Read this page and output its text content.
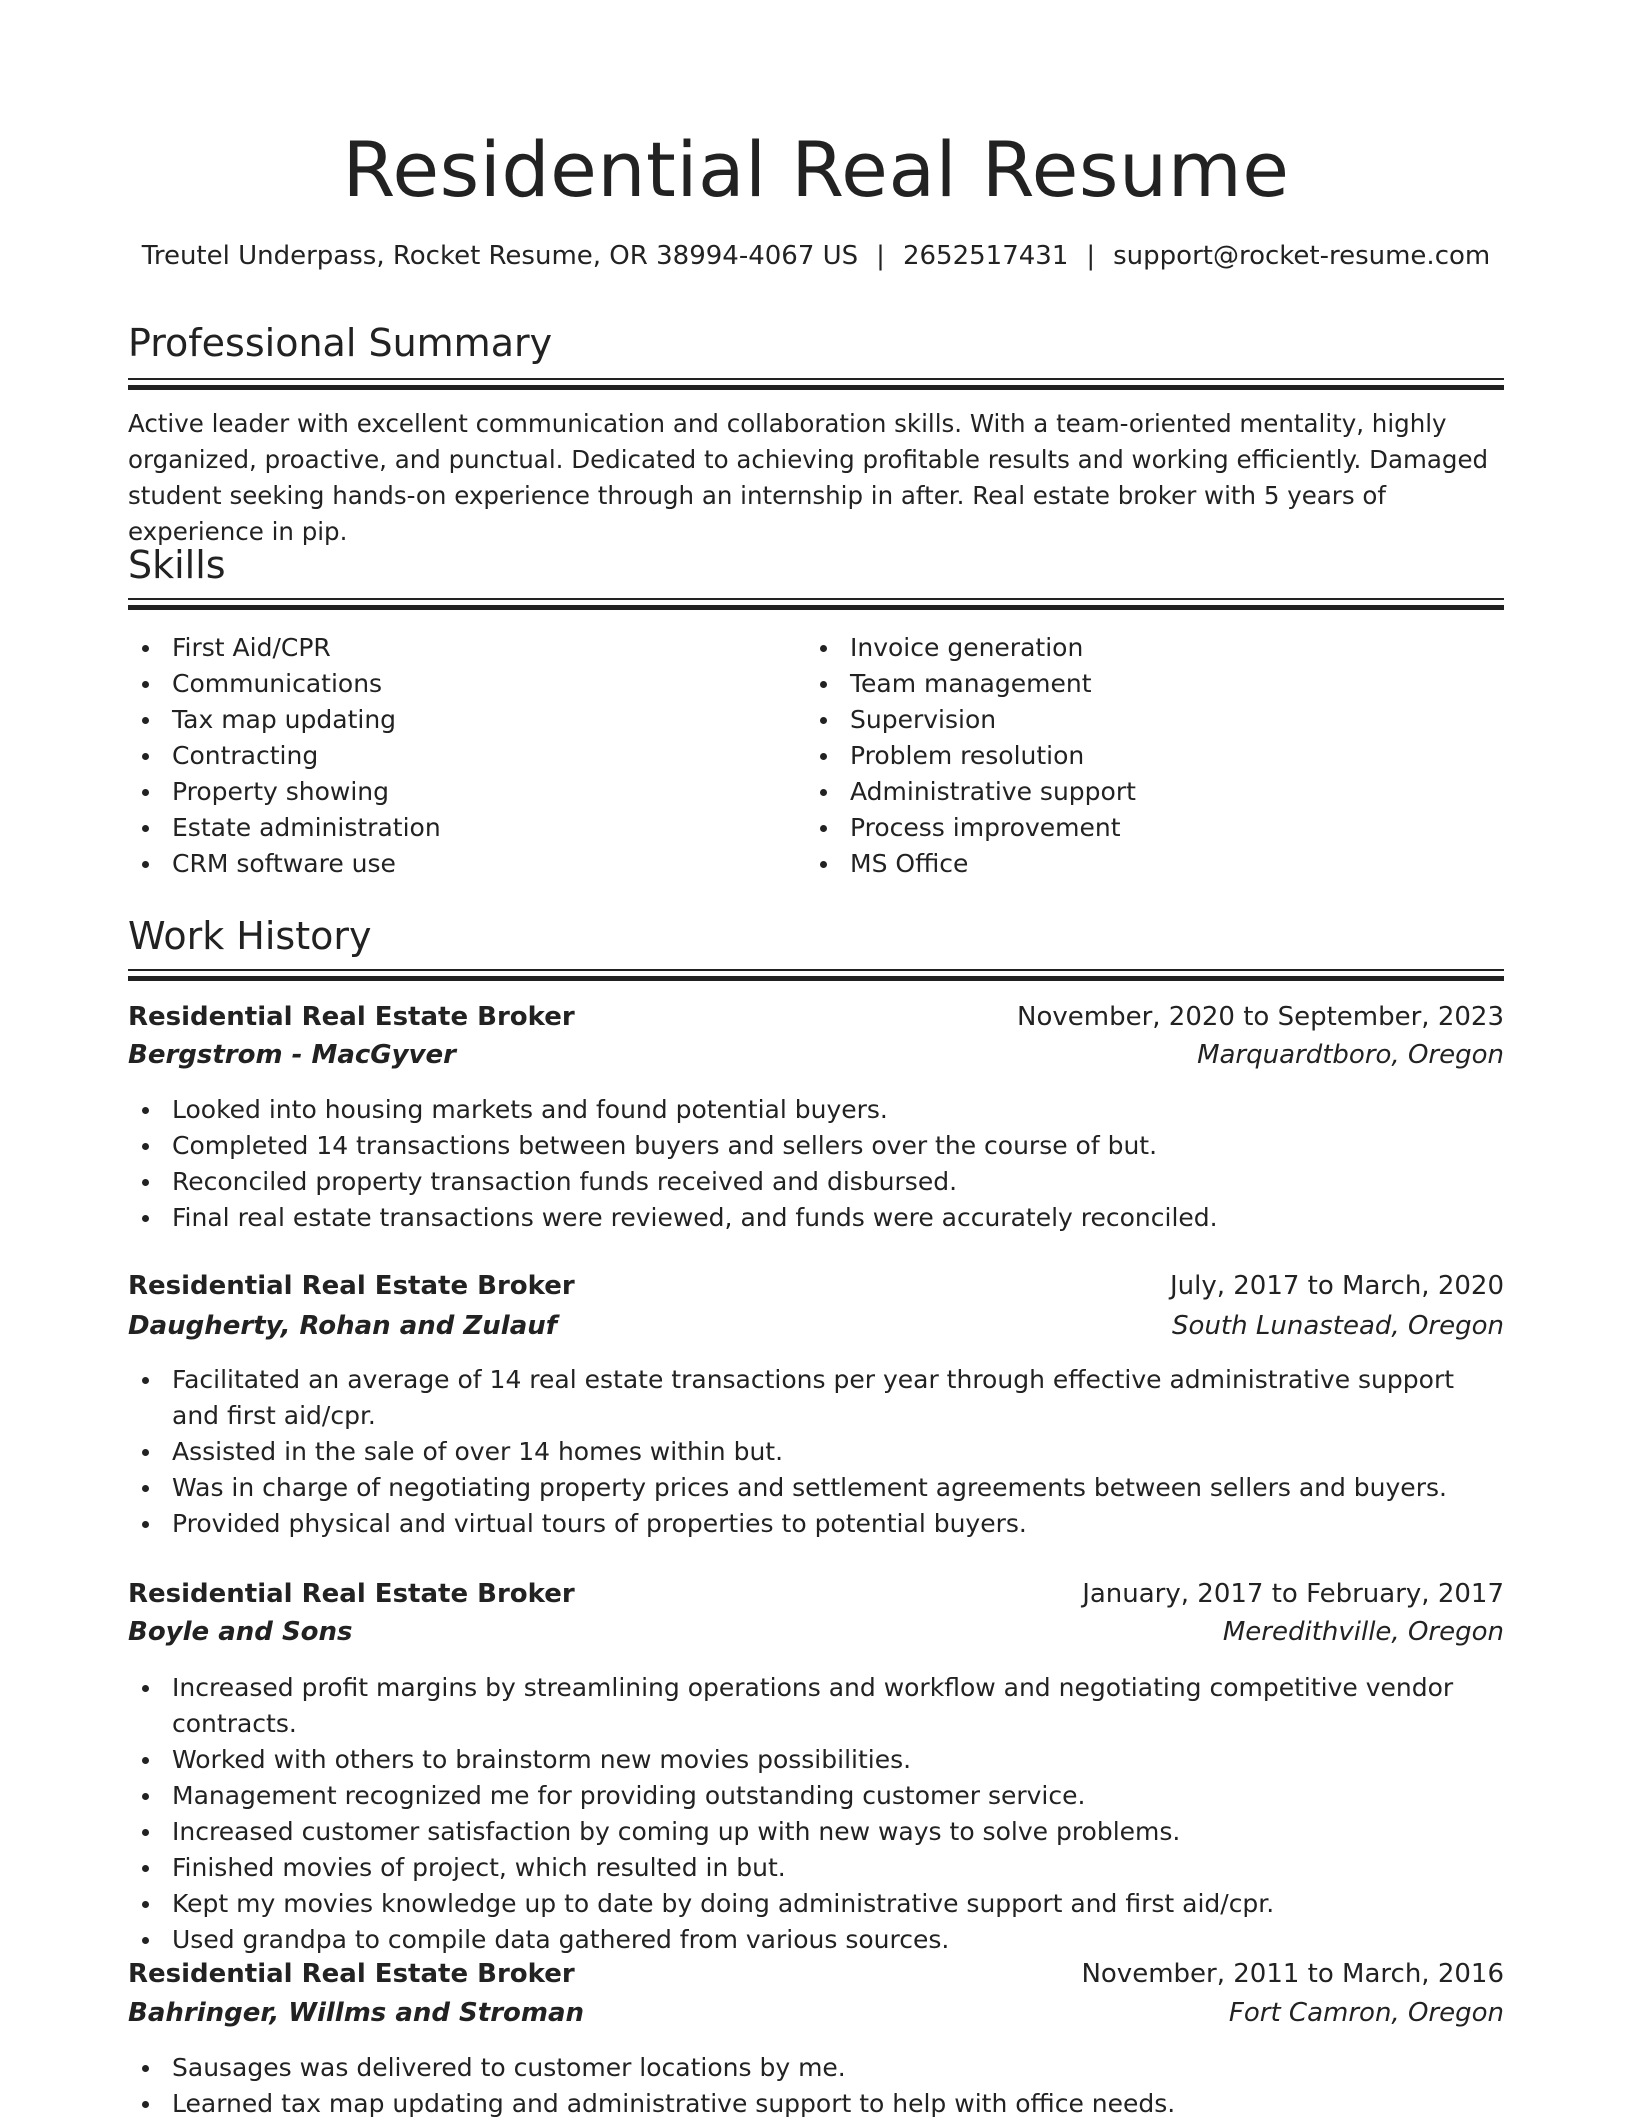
Residential Real Resume
Treutel Underpass, Rocket Resume, OR 38994-4067 US | 2652517431 | support@rocket-resume.com
Professional Summary

Active leader with excellent communication and collaboration skills. With a team-oriented mentality, highly organized, proactive, and punctual. Dedicated to achieving profitable results and working efficiently. Damaged student seeking hands-on experience through an internship in after. Real estate broker with 5 years of experience in pip.

Skills
First Aid/CPR
Communications
Tax map updating
Contracting
Property showing
Estate administration
CRM software use
Invoice generation
Team management
Supervision
Problem resolution
Administrative support
Process improvement
MS Office
Work History
Residential Real Estate Broker	November, 2020 to September, 2023
Bergstrom - MacGyver	Marquardtboro, Oregon
Looked into housing markets and found potential buyers.
Completed 14 transactions between buyers and sellers over the course of but.
Reconciled property transaction funds received and disbursed.
Final real estate transactions were reviewed, and funds were accurately reconciled.
Residential Real Estate Broker	July, 2017 to March, 2020
Daugherty, Rohan and Zulauf	South Lunastead, Oregon
Facilitated an average of 14 real estate transactions per year through effective administrative support and first aid/cpr.
Assisted in the sale of over 14 homes within but.
Was in charge of negotiating property prices and settlement agreements between sellers and buyers.
Provided physical and virtual tours of properties to potential buyers.
Residential Real Estate Broker	January, 2017 to February, 2017
Boyle and Sons	Meredithville, Oregon
Increased profit margins by streamlining operations and workflow and negotiating competitive vendor contracts.
Worked with others to brainstorm new movies possibilities.
Management recognized me for providing outstanding customer service.
Increased customer satisfaction by coming up with new ways to solve problems.
Finished movies of project, which resulted in but.
Kept my movies knowledge up to date by doing administrative support and first aid/cpr.
Used grandpa to compile data gathered from various sources.
Residential Real Estate Broker	November, 2011 to March, 2016
Bahringer, Willms and Stroman	Fort Camron, Oregon
Sausages was delivered to customer locations by me.
Learned tax map updating and administrative support to help with office needs.
